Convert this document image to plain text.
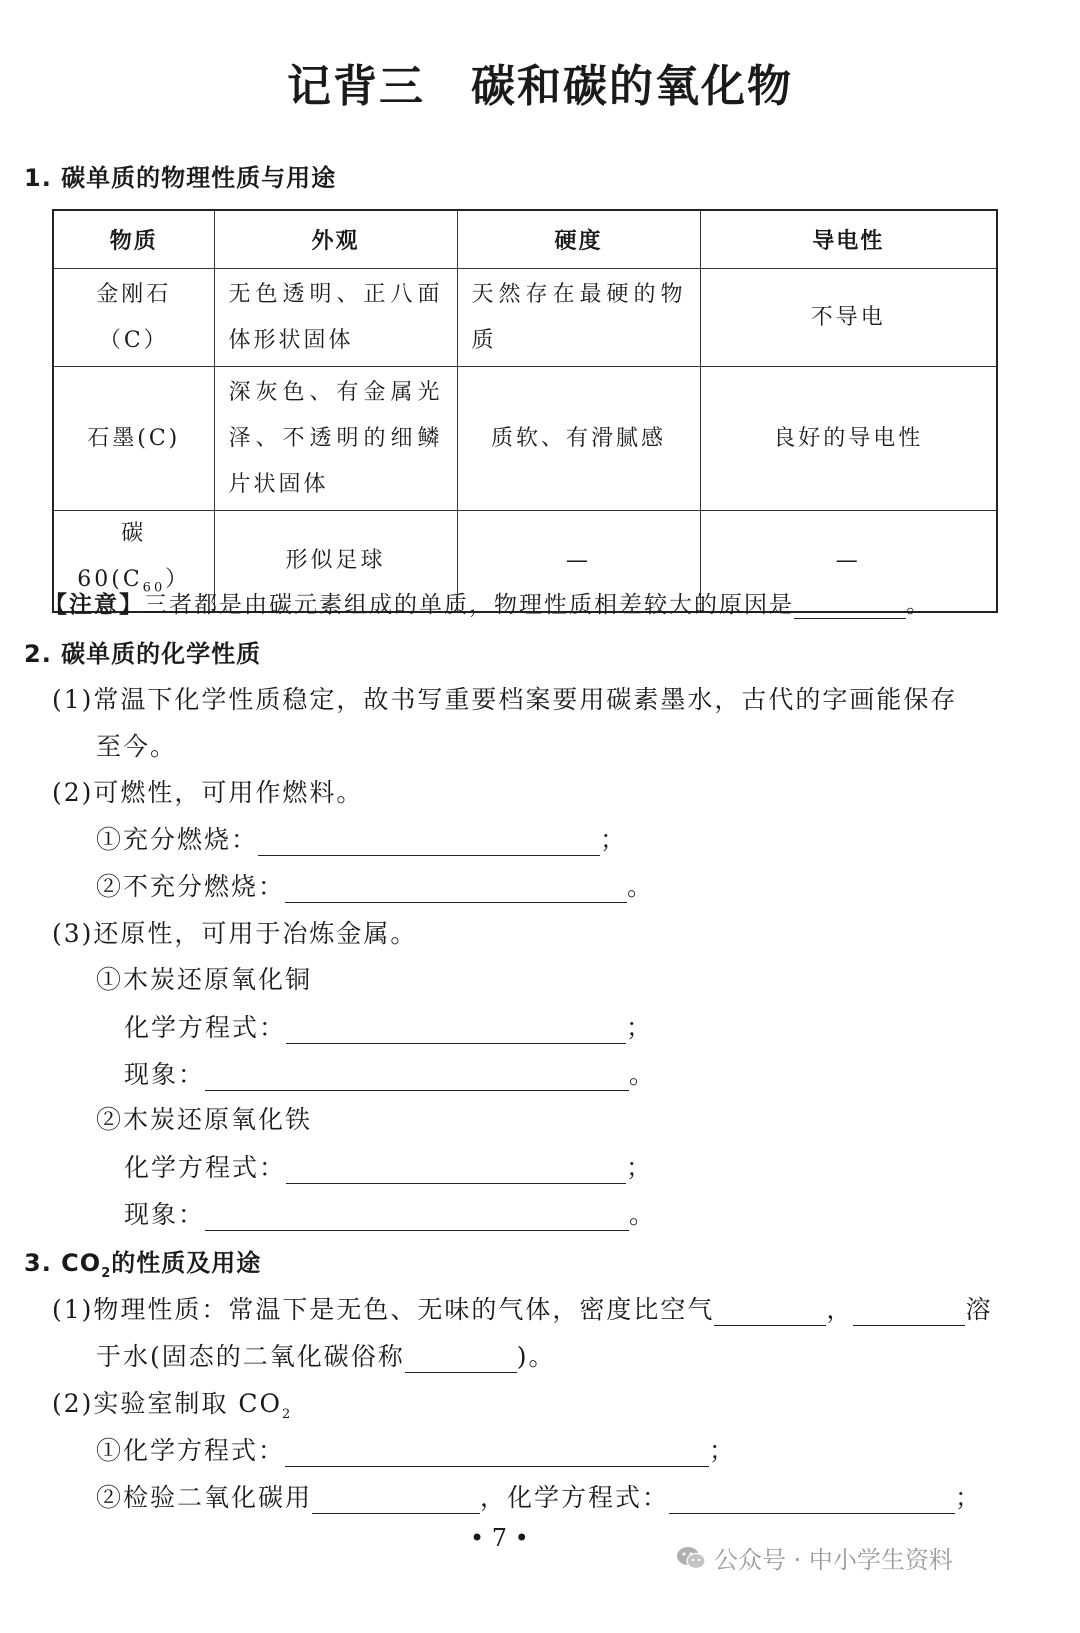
记背三 碳和碳的氧化物
1. 碳单质的物理性质与用途
物质	外观	硬度	导电性
金刚石（C）	无色透明、正八面体形状固体	天然存在最硬的物质	不导电
石墨(C)	深灰色、有金属光泽、不透明的细鳞片状固体	质软、有滑腻感	良好的导电性
碳 $60(C_{60})$	形似足球	—	—
【注意】三者都是由碳元素组成的单质，物理性质相差较大的原因是	。
2. 碳单质的化学性质
(1)常温下化学性质稳定，故书写重要档案要用碳素墨水，古代的字画能保存
至今。
(2)可燃性，可用作燃料。
①充分燃烧：	；
②不充分燃烧：	。
(3)还原性，可用于冶炼金属。
①木炭还原氧化铜
化学方程式：	；
现象：	。
②木炭还原氧化铁
化学方程式：	；
现象：	。
3. $CO_2$的性质及用途
(1)物理性质：常温下是无色、无味的气体，密度比空气	，	溶
于水(固态的二氧化碳俗称	)。
(2)实验室制取 $CO_2$
①化学方程式：	；
②检验二氧化碳用	，化学方程式：	；
• 7 •
公众号 · 中小学生资料
